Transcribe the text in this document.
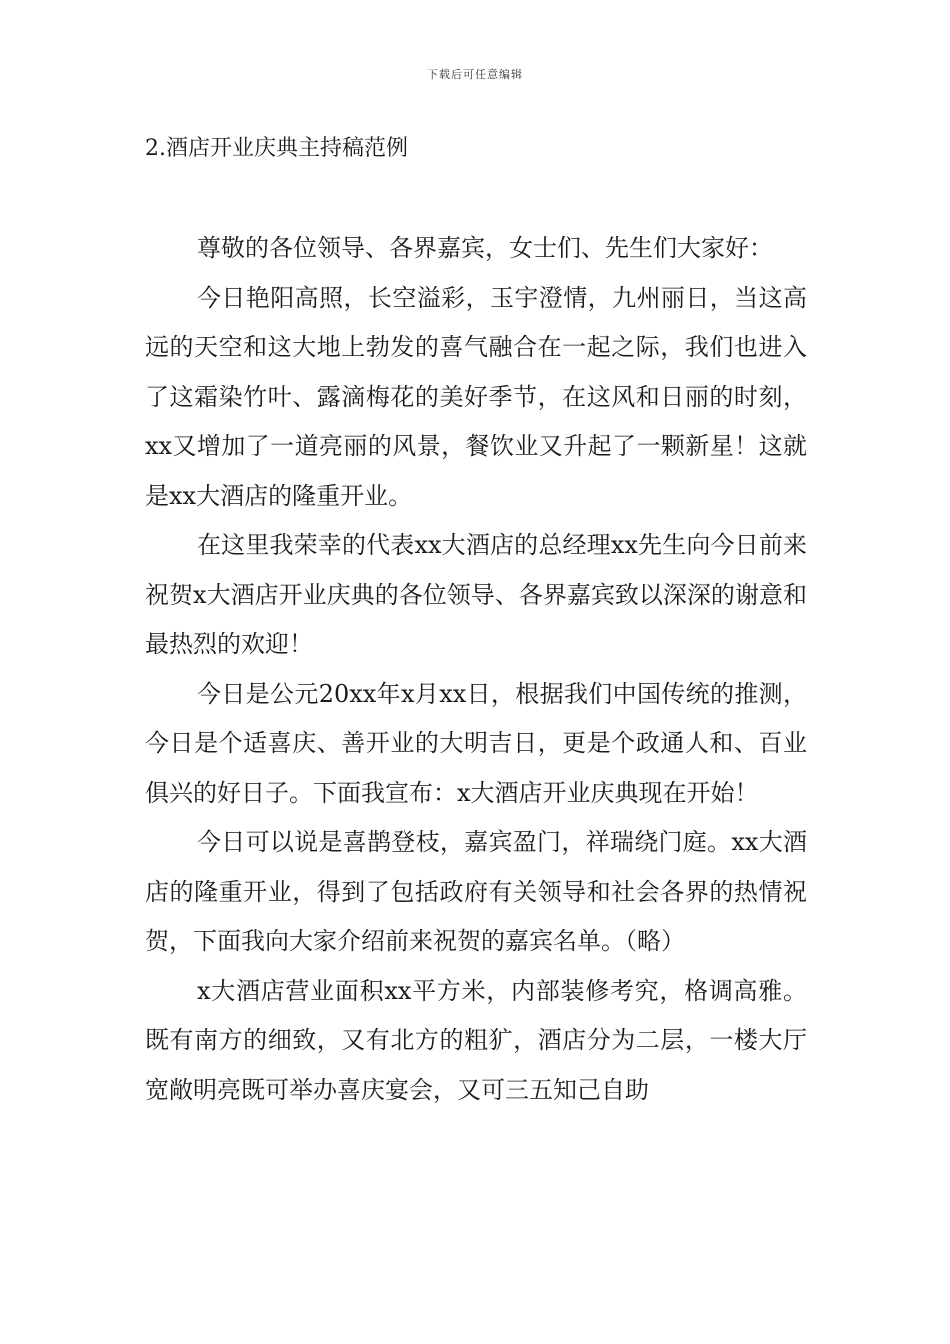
下载后可任意编辑
2.酒店开业庆典主持稿范例

尊敬的各位领导、各界嘉宾，女士们、先生们大家好：

今日艳阳高照，长空溢彩，玉宇澄情，九州丽日，当这高远的天空和这大地上勃发的喜气融合在一起之际，我们也进入了这霜染竹叶、露滴梅花的美好季节，在这风和日丽的时刻，xx又增加了一道亮丽的风景，餐饮业又升起了一颗新星！这就是xx大酒店的隆重开业。

在这里我荣幸的代表xx大酒店的总经理xx先生向今日前来祝贺x大酒店开业庆典的各位领导、各界嘉宾致以深深的谢意和最热烈的欢迎！

今日是公元20xx年x月xx日，根据我们中国传统的推测，今日是个适喜庆、善开业的大明吉日，更是个政通人和、百业俱兴的好日子。下面我宣布：x大酒店开业庆典现在开始！

今日可以说是喜鹊登枝，嘉宾盈门，祥瑞绕门庭。xx大酒店的隆重开业，得到了包括政府有关领导和社会各界的热情祝贺，下面我向大家介绍前来祝贺的嘉宾名单。（略）

x大酒店营业面积xx平方米，内部装修考究，格调高雅。既有南方的细致，又有北方的粗犷，酒店分为二层，一楼大厅宽敞明亮既可举办喜庆宴会，又可三五知己自助
